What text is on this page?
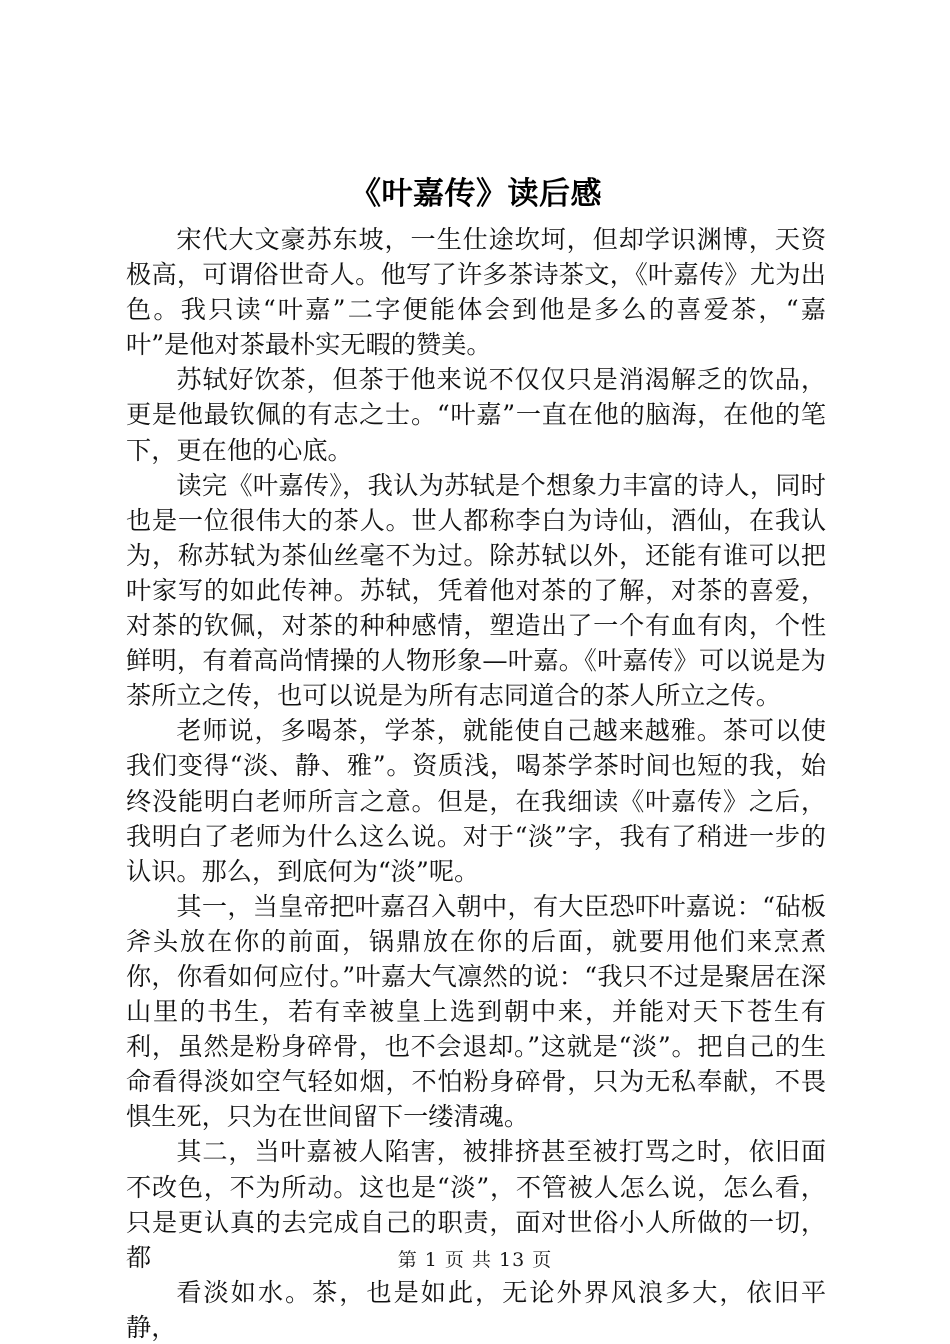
《叶嘉传》读后感

宋代大文豪苏东坡，一生仕途坎坷，但却学识渊博，天资极高，可谓俗世奇人。他写了许多茶诗茶文，《叶嘉传》尤为出色。我只读“叶嘉”二字便能体会到他是多么的喜爱茶，“嘉叶”是他对茶最朴实无暇的赞美。

苏轼好饮茶，但茶于他来说不仅仅只是消渴解乏的饮品，更是他最钦佩的有志之士。“叶嘉”一直在他的脑海，在他的笔下，更在他的心底。

读完《叶嘉传》，我认为苏轼是个想象力丰富的诗人，同时也是一位很伟大的茶人。世人都称李白为诗仙，酒仙，在我认为，称苏轼为茶仙丝毫不为过。除苏轼以外，还能有谁可以把叶家写的如此传神。苏轼，凭着他对茶的了解，对茶的喜爱，对茶的钦佩，对茶的种种感情，塑造出了一个有血有肉，个性鲜明，有着高尚情操的人物形象—叶嘉。《叶嘉传》可以说是为茶所立之传，也可以说是为所有志同道合的茶人所立之传。

老师说，多喝茶，学茶，就能使自己越来越雅。茶可以使我们变得“淡、静、雅”。资质浅，喝茶学茶时间也短的我，始终没能明白老师所言之意。但是，在我细读《叶嘉传》之后，我明白了老师为什么这么说。对于“淡”字，我有了稍进一步的认识。那么，到底何为“淡”呢。

其一，当皇帝把叶嘉召入朝中，有大臣恐吓叶嘉说：“砧板斧头放在你的前面，锅鼎放在你的后面，就要用他们来烹煮你，你看如何应付。”叶嘉大气凛然的说：“我只不过是聚居在深山里的书生，若有幸被皇上选到朝中来，并能对天下苍生有利，虽然是粉身碎骨，也不会退却。”这就是“淡”。把自己的生命看得淡如空气轻如烟，不怕粉身碎骨，只为无私奉献，不畏惧生死，只为在世间留下一缕清魂。

其二，当叶嘉被人陷害，被排挤甚至被打骂之时，依旧面不改色，不为所动。这也是“淡”，不管被人怎么说，怎么看，只是更认真的去完成自己的职责，面对世俗小人所做的一切，都

看淡如水。茶，也是如此，无论外界风浪多大，依旧平静，

第 1 页 共 13 页
